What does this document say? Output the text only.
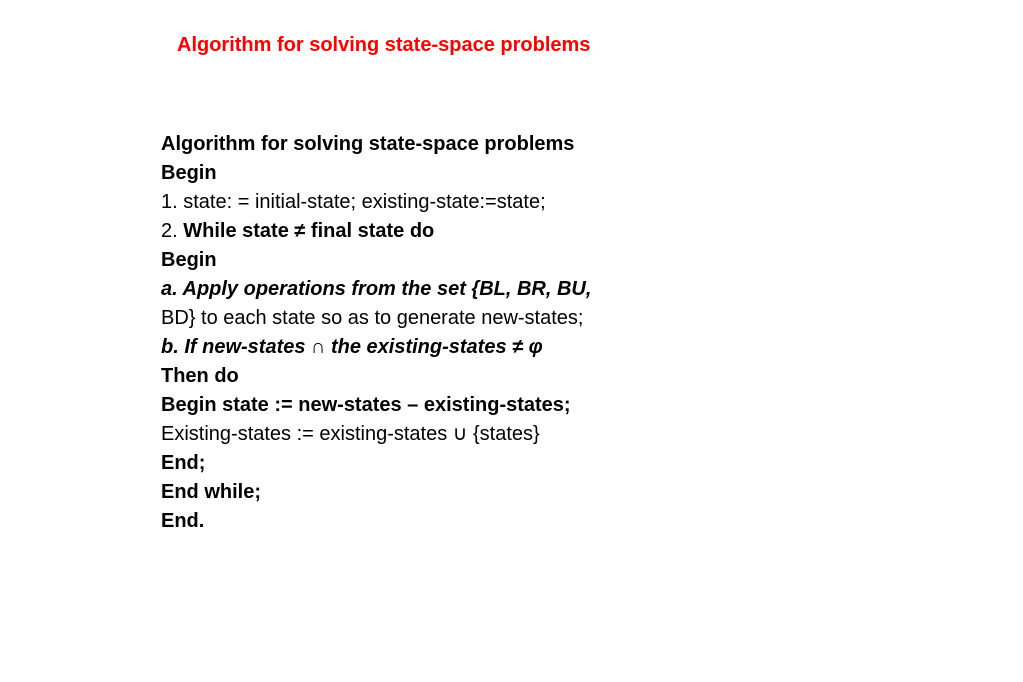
Algorithm for solving state-space problems
Algorithm for solving state-space problems
Begin
1. state: = initial-state; existing-state:=state;
2. While state ≠ final state do
Begin
a. Apply operations from the set {BL, BR, BU,
BD} to each state so as to generate new-states;
b. If new-states ∩ the existing-states ≠ φ
Then do
Begin state := new-states – existing-states;
Existing-states := existing-states ∪ {states}
End;
End while;
End.
